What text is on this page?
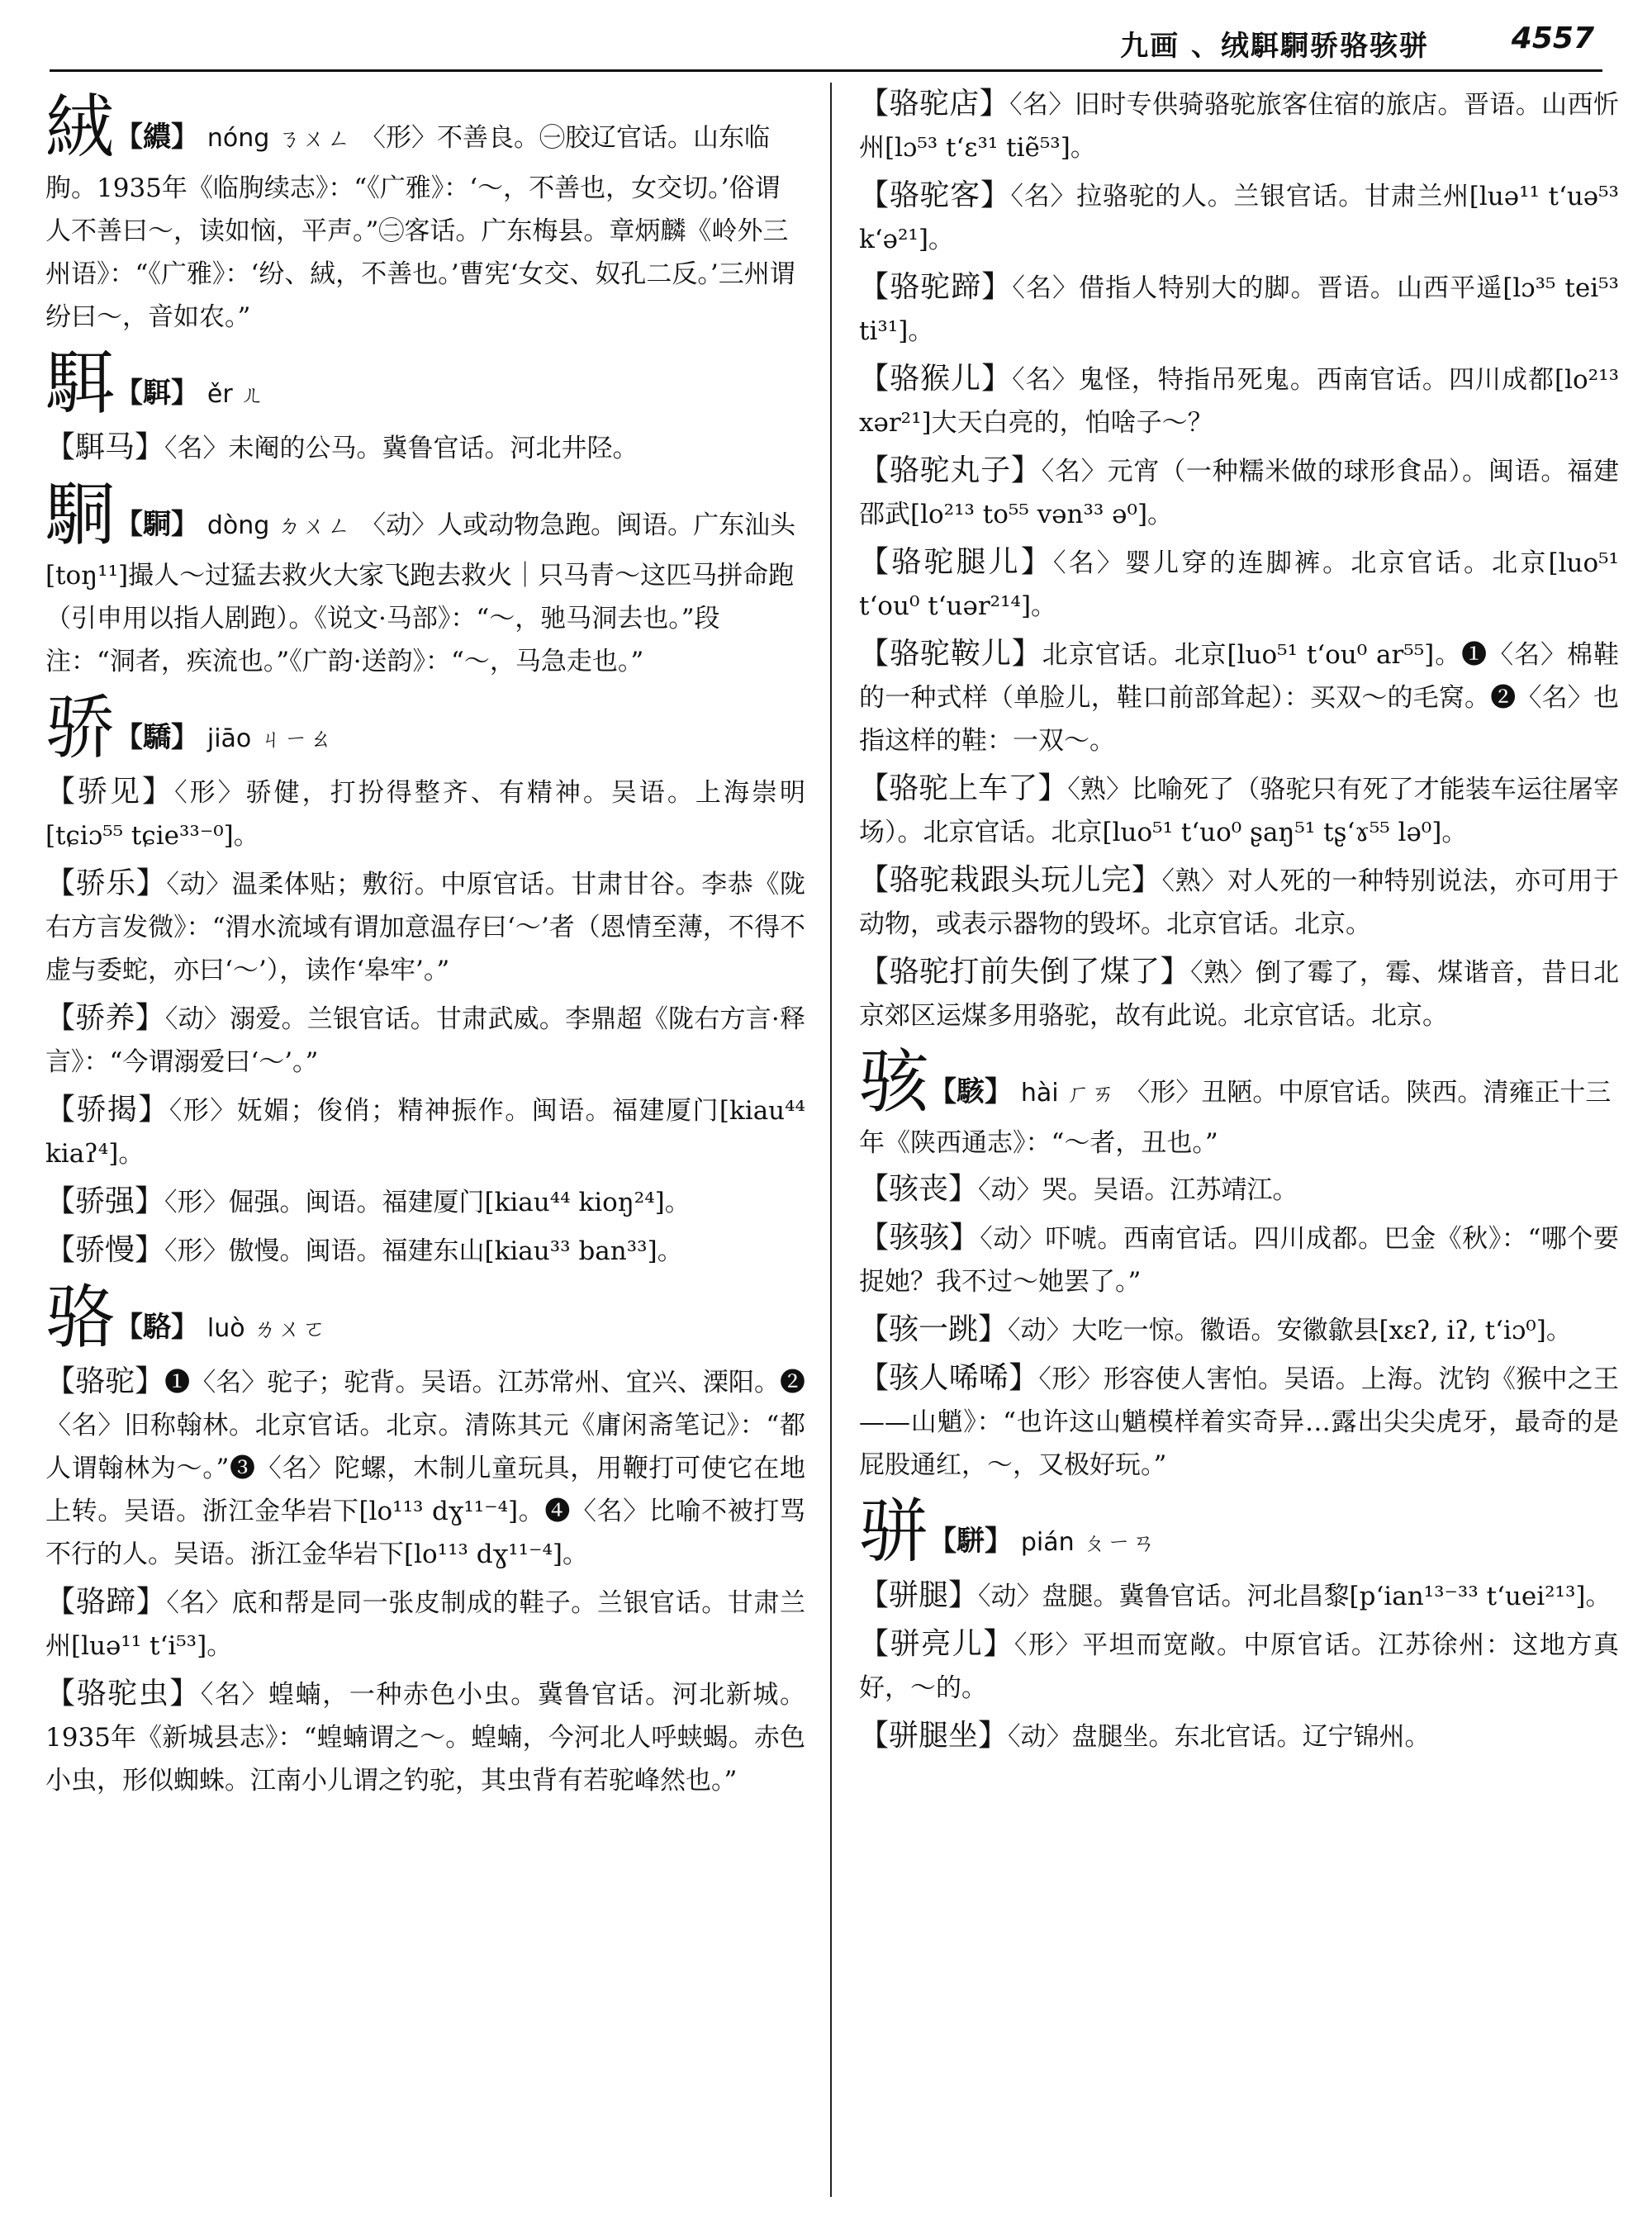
九画 、绒駬駧骄骆骇骈	4557
絨【繷】 nóng ㄋㄨㄥ 〈形〉不善良。㊀胶辽官话。山东临朐。1935年《临朐续志》：“《广雅》：‘～，不善也，女交切。’俗谓人不善曰～，读如恼，平声。”㊁客话。广东梅县。章炳麟《岭外三州语》：“《广雅》：‘纷、絨，不善也。’曹宪‘女交、奴孔二反。’三州谓纷曰～，音如农。”
駬【駬】 ěr ㄦ
【駬马】〈名〉未阉的公马。冀鲁官话。河北井陉。
駧【駧】 dòng ㄉㄨㄥ 〈动〉人或动物急跑。闽语。广东汕头[toŋ¹¹]撮人～过猛去救火大家飞跑去救火｜只马青～这匹马拼命跑（引申用以指人剧跑）。《说文·马部》：“～，驰马洞去也。”段注：“洞者，疾流也。”《广韵·送韵》：“～，马急走也。”
骄【驕】 jiāo ㄐㄧㄠ
【骄见】〈形〉骄健，打扮得整齐、有精神。吴语。上海崇明[tɕiɔ⁵⁵ tɕie³³⁻⁰]。
【骄乐】〈动〉温柔体贴；敷衍。中原官话。甘肃甘谷。李恭《陇右方言发微》：“渭水流域有谓加意温存曰‘～’者（恩情至薄，不得不虚与委蛇，亦曰‘～’），读作‘皋牢’。”
【骄养】〈动〉溺爱。兰银官话。甘肃武威。李鼎超《陇右方言·释言》：“今谓溺爱曰‘～’。”
【骄揭】〈形〉妩媚；俊俏；精神振作。闽语。福建厦门[kiau⁴⁴ kiaʔ⁴]。
【骄强】〈形〉倔强。闽语。福建厦门[kiau⁴⁴ kioŋ²⁴]。
【骄慢】〈形〉傲慢。闽语。福建东山[kiau³³ ban³³]。
骆【駱】 luò ㄌㄨㄛ
【骆驼】❶〈名〉驼子；驼背。吴语。江苏常州、宜兴、溧阳。❷〈名〉旧称翰林。北京官话。北京。清陈其元《庸闲斋笔记》：“都人谓翰林为～。”❸〈名〉陀螺，木制儿童玩具，用鞭打可使它在地上转。吴语。浙江金华岩下[lo¹¹³ dɣ¹¹⁻⁴]。❹〈名〉比喻不被打骂不行的人。吴语。浙江金华岩下[lo¹¹³ dɣ¹¹⁻⁴]。
【骆蹄】〈名〉底和帮是同一张皮制成的鞋子。兰银官话。甘肃兰州[luə¹¹ tʻi⁵³]。
【骆驼虫】〈名〉蝗蝻，一种赤色小虫。冀鲁官话。河北新城。1935年《新城县志》：“蝗蝻谓之～。蝗蝻，今河北人呼蛱蝎。赤色小虫，形似蜘蛛。江南小儿谓之钓驼，其虫背有若驼峰然也。”
【骆驼店】〈名〉旧时专供骑骆驼旅客住宿的旅店。晋语。山西忻州[lɔ⁵³ tʻɛ³¹ tiẽ⁵³]。
【骆驼客】〈名〉拉骆驼的人。兰银官话。甘肃兰州[luə¹¹ tʻuə⁵³ kʻə²¹]。
【骆驼蹄】〈名〉借指人特别大的脚。晋语。山西平遥[lɔ³⁵ tei⁵³ ti³¹]。
【骆猴儿】〈名〉鬼怪，特指吊死鬼。西南官话。四川成都[lo²¹³ xər²¹]大天白亮的，怕啥子～？
【骆驼丸子】〈名〉元宵（一种糯米做的球形食品）。闽语。福建邵武[lo²¹³ to⁵⁵ vən³³ ə⁰]。
【骆驼腿儿】〈名〉婴儿穿的连脚裤。北京官话。北京[luo⁵¹ tʻou⁰ tʻuər²¹⁴]。
【骆驼鞍儿】北京官话。北京[luo⁵¹ tʻou⁰ ar⁵⁵]。❶〈名〉棉鞋的一种式样（单脸儿，鞋口前部耸起）：买双～的毛窝。❷〈名〉也指这样的鞋：一双～。
【骆驼上车了】〈熟〉比喻死了（骆驼只有死了才能装车运往屠宰场）。北京官话。北京[luo⁵¹ tʻuo⁰ ʂaŋ⁵¹ tʂʻɤ⁵⁵ lə⁰]。
【骆驼栽跟头玩儿完】〈熟〉对人死的一种特别说法，亦可用于动物，或表示器物的毁坏。北京官话。北京。
【骆驼打前失倒了煤了】〈熟〉倒了霉了，霉、煤谐音，昔日北京郊区运煤多用骆驼，故有此说。北京官话。北京。
骇【駭】 hài ㄏㄞ 〈形〉丑陋。中原官话。陕西。清雍正十三年《陕西通志》：“～者，丑也。”
【骇丧】〈动〉哭。吴语。江苏靖江。
【骇骇】〈动〉吓唬。西南官话。四川成都。巴金《秋》：“哪个要捉她？我不过～她罢了。”
【骇一跳】〈动〉大吃一惊。徽语。安徽歙县[xɛʔ, iʔ, tʻiɔ⁰]。
【骇人唏唏】〈形〉形容使人害怕。吴语。上海。沈钧《猴中之王——山魈》：“也许这山魈模样着实奇异…露出尖尖虎牙，最奇的是屁股通红，～，又极好玩。”
骈【駢】 pián ㄆㄧㄢ
【骈腿】〈动〉盘腿。冀鲁官话。河北昌黎[pʻian¹³⁻³³ tʻuei²¹³]。
【骈亮儿】〈形〉平坦而宽敞。中原官话。江苏徐州：这地方真好，～的。
【骈腿坐】〈动〉盘腿坐。东北官话。辽宁锦州。
